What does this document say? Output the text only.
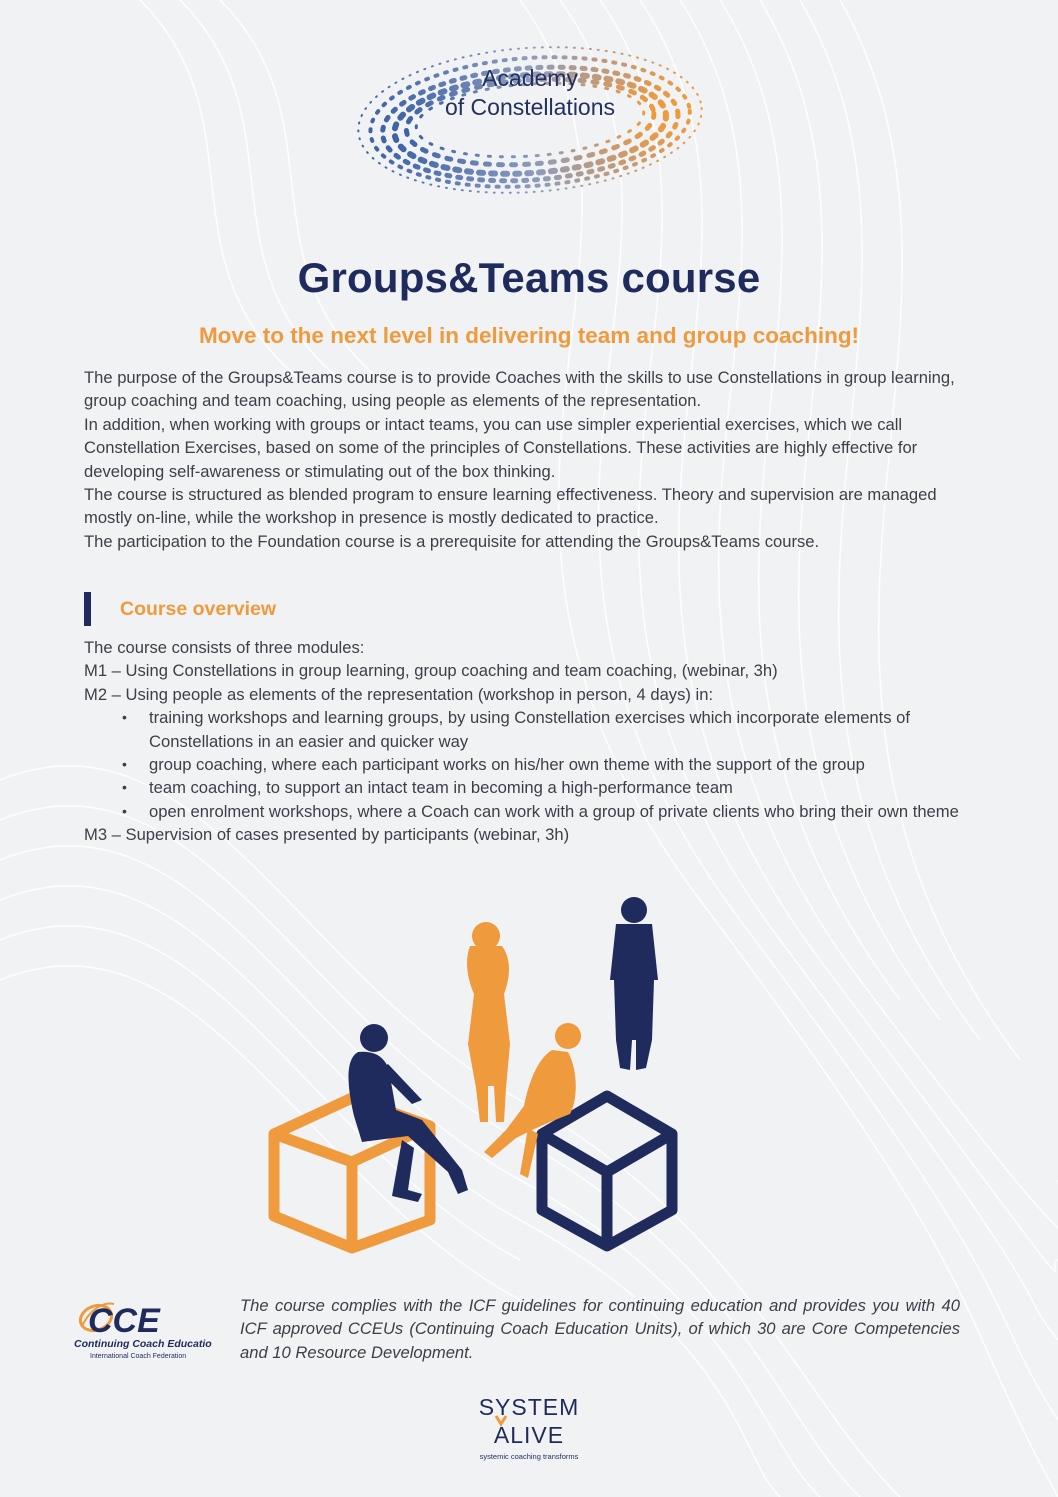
Academy
of Constellations
Groups&Teams course
Move to the next level in delivering team and group coaching!

The purpose of the Groups&Teams course is to provide Coaches with the skills to use Constellations in group learning, group coaching and team coaching, using people as elements of the representation.

In addition, when working with groups or intact teams, you can use simpler experiential exercises, which we call Constellation Exercises, based on some of the principles of Constellations. These activities are highly effective for developing self-awareness or stimulating out of the box thinking.

The course is structured as blended program to ensure learning effectiveness. Theory and supervision are managed mostly on-line, while the workshop in presence is mostly dedicated to practice.

The participation to the Foundation course is a prerequisite for attending the Groups&Teams course.

Course overview

The course consists of three modules:

M1 – Using Constellations in group learning, group coaching and team coaching, (webinar, 3h)

M2 – Using people as elements of the representation (workshop in person, 4 days) in:

• training workshops and learning groups, by using Constellation exercises which incorporate elements of Constellations in an easier and quicker way
• group coaching, where each participant works on his/her own theme with the support of the group
• team coaching, to support an intact team in becoming a high-performance team
• open enrolment workshops, where a Coach can work with a group of private clients who bring their own theme

M3 – Supervision of cases presented by participants (webinar, 3h)

CCE
Continuing Coach Education
International Coach Federation
The course complies with the ICF guidelines for continuing education and provides you with 40 ICF approved CCEUs (Continuing Coach Education Units), of which 30 are Core Competencies and 10 Resource Development.
SYSTEM
ALIVE
systemic coaching transforms
